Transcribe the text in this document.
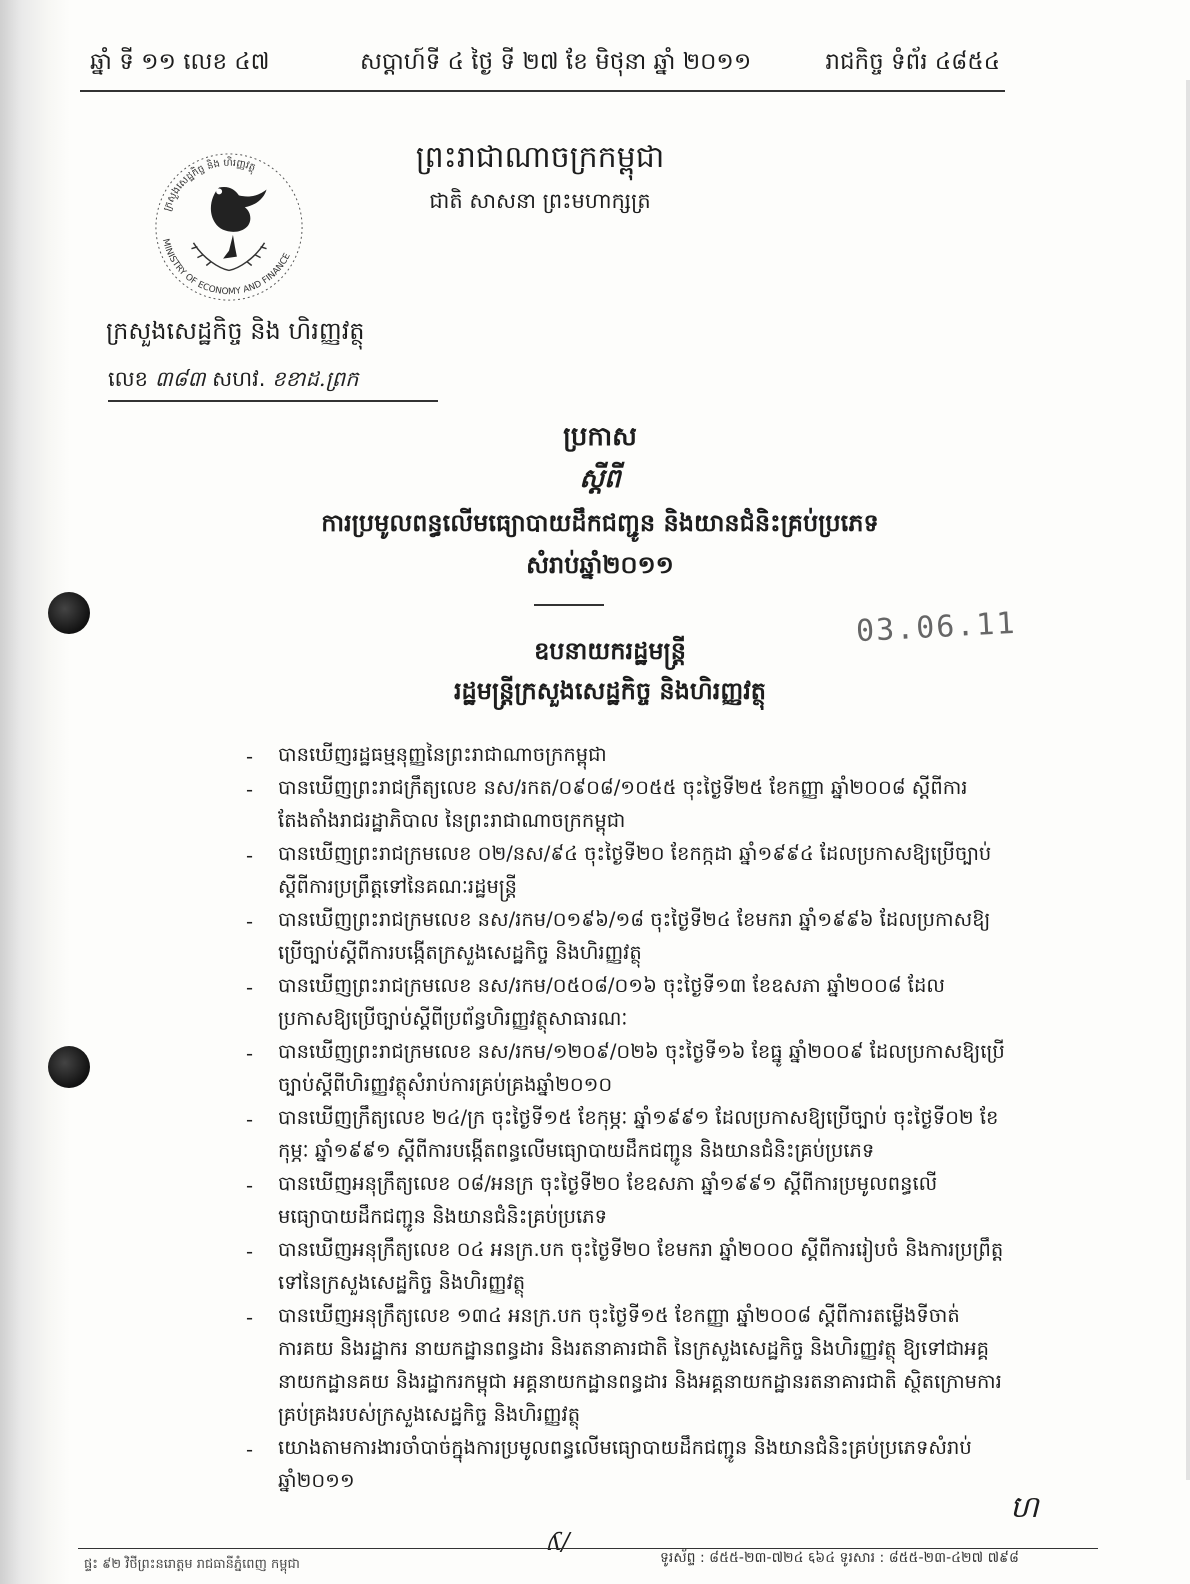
ឆ្នាំ ទី ១១ លេខ ៤៧	សប្តាហ៍ទី ៤ ថ្ងៃ ទី ២៧ ខែ មិថុនា ឆ្នាំ ២០១១	រាជកិច្ច ទំព័រ ៤៨៥៤
ក្រសួងសេដ្ឋកិច្ច និង ហិរញ្ញវត្ថុ
MINISTRY OF ECONOMY AND FINANCE
ព្រះរាជាណាចក្រកម្ពុជា
ជាតិ សាសនា ព្រះមហាក្សត្រ
ក្រសួងសេដ្ឋកិច្ច និង ហិរញ្ញវត្ថុ
លេខ ៣៨៣ សហវ. ខខាដ.ព្រក
ប្រកាស
ស្តីពី
ការប្រមូលពន្ធលើមធ្យោបាយដឹកជញ្ជូន និងយានជំនិះគ្រប់ប្រភេទ
សំរាប់ឆ្នាំ២០១១
03.06.11
ឧបនាយករដ្ឋមន្ត្រី
រដ្ឋមន្ត្រីក្រសួងសេដ្ឋកិច្ច និងហិរញ្ញវត្ថុ
- បានឃើញរដ្ឋធម្មនុញ្ញនៃព្រះរាជាណាចក្រកម្ពុជា
- បានឃើញព្រះរាជក្រឹត្យលេខ នស/រកត/០៩០៨/១០៥៥ ចុះថ្ងៃទី២៥ ខែកញ្ញា ឆ្នាំ២០០៨ ស្តីពីការតែងតាំងរាជរដ្ឋាភិបាល នៃព្រះរាជាណាចក្រកម្ពុជា
- បានឃើញព្រះរាជក្រមលេខ ០២/នស/៩៤ ចុះថ្ងៃទី២០ ខែកក្កដា ឆ្នាំ១៩៩៤ ដែលប្រកាសឱ្យប្រើច្បាប់ស្តីពីការប្រព្រឹត្តទៅនៃគណៈរដ្ឋមន្ត្រី
- បានឃើញព្រះរាជក្រមលេខ នស/រកម/០១៩៦/១៨ ចុះថ្ងៃទី២៤ ខែមករា ឆ្នាំ១៩៩៦ ដែលប្រកាសឱ្យប្រើច្បាប់ស្តីពីការបង្កើតក្រសួងសេដ្ឋកិច្ច និងហិរញ្ញវត្ថុ
- បានឃើញព្រះរាជក្រមលេខ នស/រកម/០៥០៨/០១៦ ចុះថ្ងៃទី១៣ ខែឧសភា ឆ្នាំ២០០៨ ដែលប្រកាសឱ្យប្រើច្បាប់ស្តីពីប្រព័ន្ធហិរញ្ញវត្ថុសាធារណៈ
- បានឃើញព្រះរាជក្រមលេខ នស/រកម/១២០៩/០២៦ ចុះថ្ងៃទី១៦ ខែធ្នូ ឆ្នាំ២០០៩ ដែលប្រកាសឱ្យប្រើច្បាប់ស្តីពីហិរញ្ញវត្ថុសំរាប់ការគ្រប់គ្រងឆ្នាំ២០១០
- បានឃើញក្រឹត្យលេខ ២៤/ក្រ ចុះថ្ងៃទី១៥ ខែកុម្ភៈ ឆ្នាំ១៩៩១ ដែលប្រកាសឱ្យប្រើច្បាប់ ចុះថ្ងៃទី០២ ខែកុម្ភៈ ឆ្នាំ១៩៩១ ស្តីពីការបង្កើតពន្ធលើមធ្យោបាយដឹកជញ្ជូន និងយានជំនិះគ្រប់ប្រភេទ
- បានឃើញអនុក្រឹត្យលេខ ០៨/អនក្រ ចុះថ្ងៃទី២០ ខែឧសភា ឆ្នាំ១៩៩១ ស្តីពីការប្រមូលពន្ធលើមធ្យោបាយដឹកជញ្ជូន និងយានជំនិះគ្រប់ប្រភេទ
- បានឃើញអនុក្រឹត្យលេខ ០៤ អនក្រ.បក ចុះថ្ងៃទី២០ ខែមករា ឆ្នាំ២០០០ ស្តីពីការរៀបចំ និងការប្រព្រឹត្តទៅនៃក្រសួងសេដ្ឋកិច្ច និងហិរញ្ញវត្ថុ
- បានឃើញអនុក្រឹត្យលេខ ១៣៤ អនក្រ.បក ចុះថ្ងៃទី១៥ ខែកញ្ញា ឆ្នាំ២០០៨ ស្តីពីការតម្លើងទីចាត់ការគយ និងរដ្ឋាករ នាយកដ្ឋានពន្ធដារ និងរតនាគារជាតិ នៃក្រសួងសេដ្ឋកិច្ច និងហិរញ្ញវត្ថុ ឱ្យទៅជាអគ្គនាយកដ្ឋានគយ និងរដ្ឋាករកម្ពុជា អគ្គនាយកដ្ឋានពន្ធដារ និងអគ្គនាយកដ្ឋានរតនាគារជាតិ ស្ថិតក្រោមការគ្រប់គ្រងរបស់ក្រសួងសេដ្ឋកិច្ច និងហិរញ្ញវត្ថុ
- យោងតាមការងារចាំបាច់ក្នុងការប្រមូលពន្ធលើមធ្យោបាយដឹកជញ្ជូន និងយានជំនិះគ្រប់ប្រភេទសំរាប់ឆ្នាំ២០១១
ហ
ʎ/
ផ្ទះ ៩២ វិថីព្រះនរោត្តម រាជធានីភ្នំពេញ កម្ពុជា	ទូរស័ព្ទ : ៨៥៥-២៣-៧២៤ ६៦៤ ទូរសារ : ៨៥៥-២៣-៤២៧ ៧៩៨
